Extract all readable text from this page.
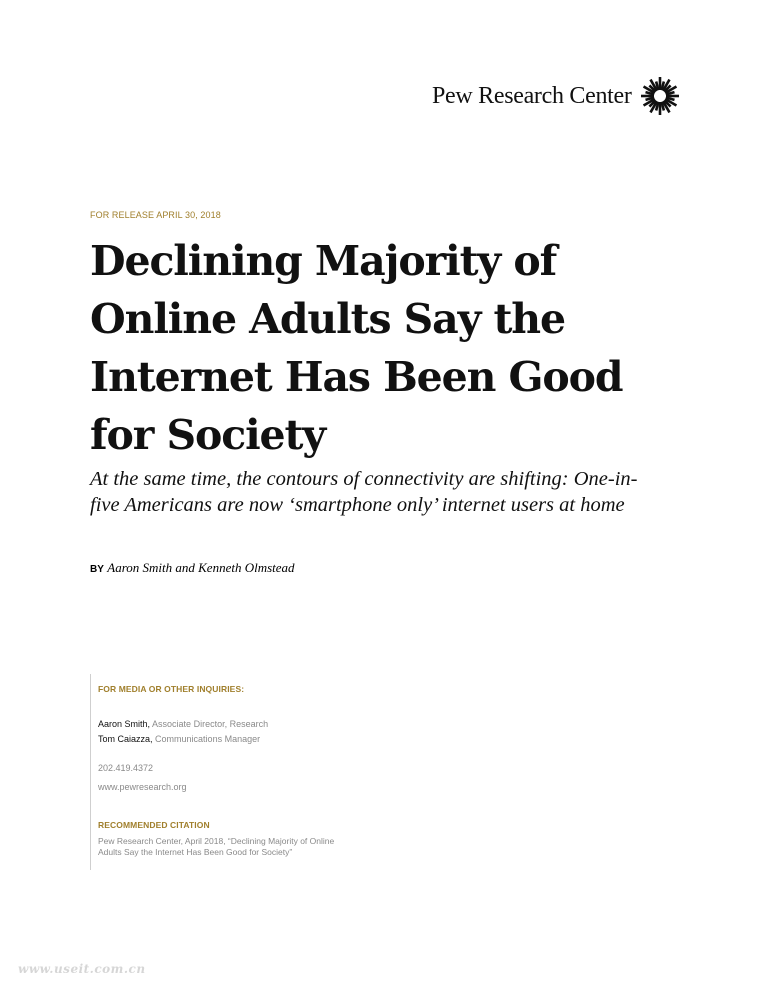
Pew Research Center
FOR RELEASE APRIL 30, 2018
Declining Majority of Online Adults Say the Internet Has Been Good for Society

At the same time, the contours of connectivity are shifting: One-in-five Americans are now ‘smartphone only’ internet users at home

BY Aaron Smith and Kenneth Olmstead
FOR MEDIA OR OTHER INQUIRIES:
Aaron Smith, Associate Director, Research
Tom Caiazza, Communications Manager
202.419.4372
www.pewresearch.org
RECOMMENDED CITATION
Pew Research Center, April 2018, “Declining Majority of Online Adults Say the Internet Has Been Good for Society”
www.useit.com.cn
